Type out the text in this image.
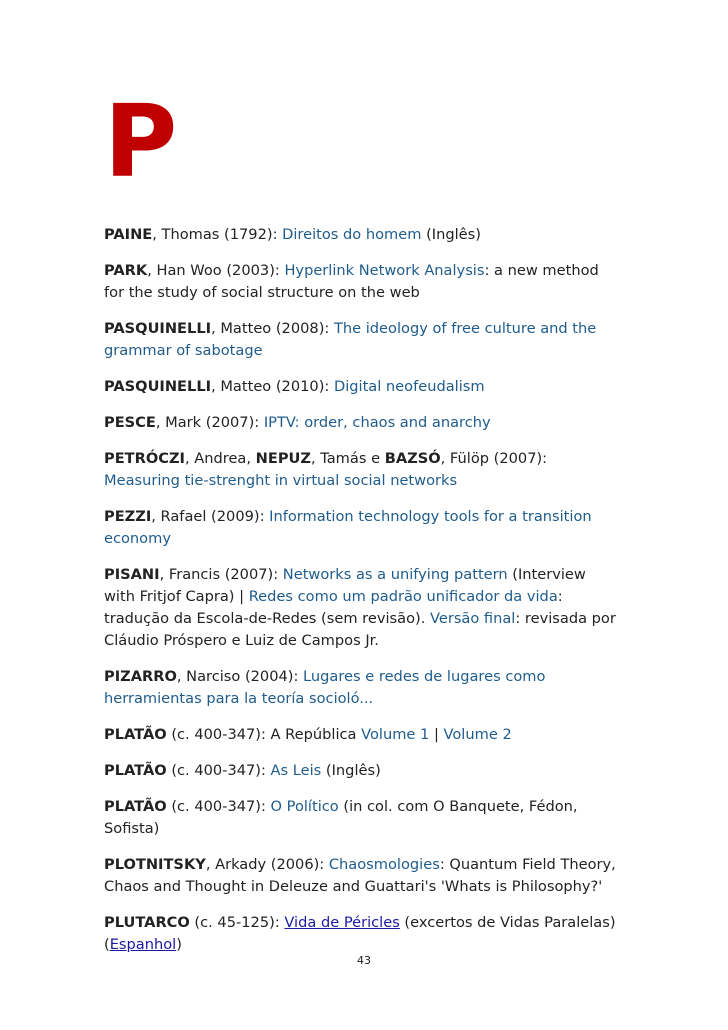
P

PAINE, Thomas (1792): Direitos do homem (Inglês)

PARK, Han Woo (2003): Hyperlink Network Analysis: a new method for the study of social structure on the web

PASQUINELLI, Matteo (2008): The ideology of free culture and the grammar of sabotage

PASQUINELLI, Matteo (2010): Digital neofeudalism

PESCE, Mark (2007): IPTV: order, chaos and anarchy

PETRÓCZI, Andrea, NEPUZ, Tamás e BAZSÓ, Fülöp (2007): Measuring tie-strenght in virtual social networks

PEZZI, Rafael (2009): Information technology tools for a transition economy

PISANI, Francis (2007): Networks as a unifying pattern (Interview with Fritjof Capra) | Redes como um padrão unificador da vida: tradução da Escola-de-Redes (sem revisão). Versão final: revisada por Cláudio Próspero e Luiz de Campos Jr.

PIZARRO, Narciso (2004): Lugares e redes de lugares como herramientas para la teoría socioló...

PLATÃO (c. 400-347): A República Volume 1 | Volume 2

PLATÃO (c. 400-347): As Leis (Inglês)

PLATÃO (c. 400-347): O Político (in col. com O Banquete, Fédon, Sofista)

PLOTNITSKY, Arkady (2006): Chaosmologies: Quantum Field Theory, Chaos and Thought in Deleuze and Guattari's 'Whats is Philosophy?'

PLUTARCO (c. 45-125): Vida de Péricles (excertos de Vidas Paralelas) (Espanhol)

43
